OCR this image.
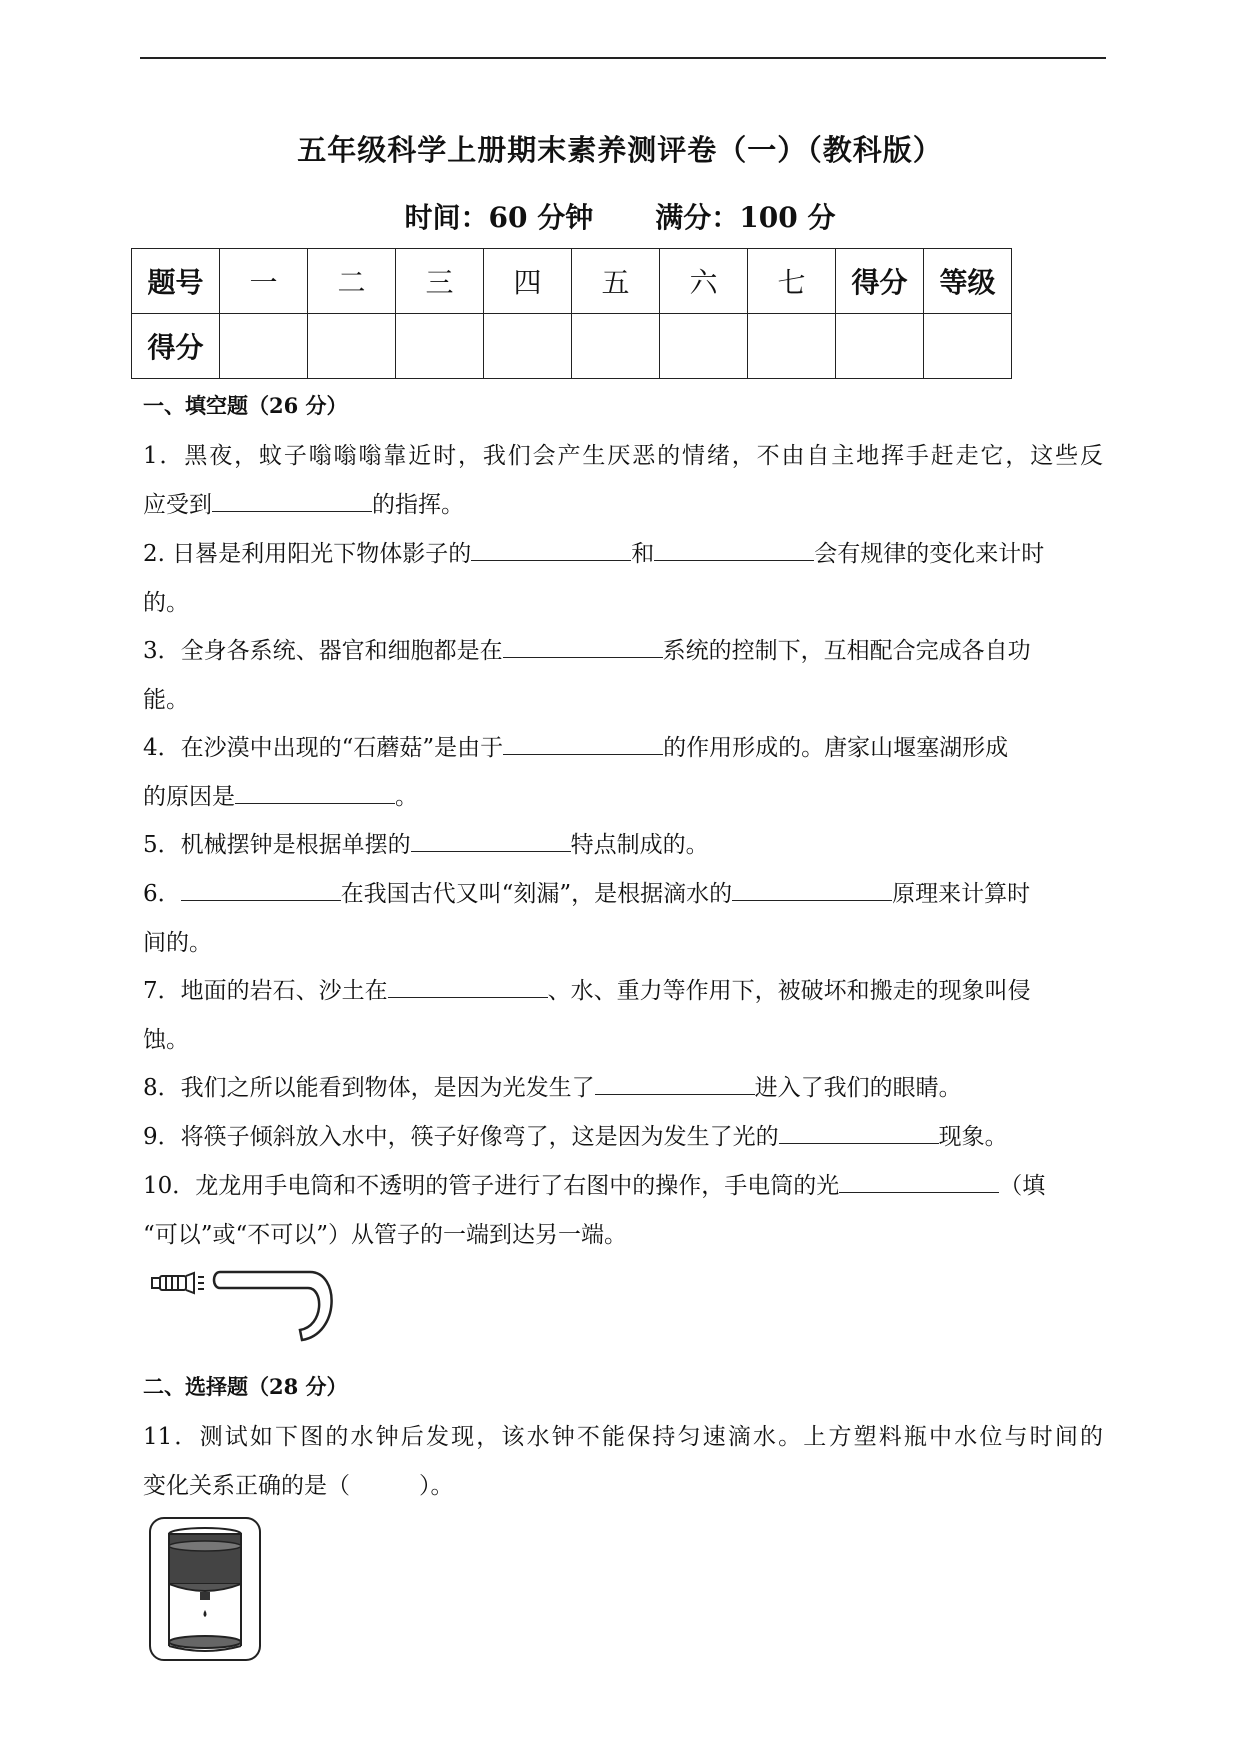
五年级科学上册期末素养测评卷（一）（教科版）
时间：60 分钟 满分：100 分
题号	一	二	三	四	五	六	七	得分	等级
得分									
一、填空题（26 分）
1．黑夜，蚊子嗡嗡嗡靠近时，我们会产生厌恶的情绪，不由自主地挥手赶走它，这些反
应受到	的指挥。
2. 日晷是利用阳光下物体影子的	和	会有规律的变化来计时
的。
3．全身各系统、器官和细胞都是在	系统的控制下，互相配合完成各自功
能。
4．在沙漠中出现的“石蘑菇”是由于	的作用形成的。唐家山堰塞湖形成
的原因是	。
5．机械摆钟是根据单摆的	特点制成的。
6．	在我国古代又叫“刻漏”，是根据滴水的	原理来计算时
间的。
7．地面的岩石、沙土在	、水、重力等作用下，被破坏和搬走的现象叫侵
蚀。
8．我们之所以能看到物体，是因为光发生了	进入了我们的眼睛。
9．将筷子倾斜放入水中，筷子好像弯了，这是因为发生了光的	现象。
10．龙龙用手电筒和不透明的管子进行了右图中的操作，手电筒的光	（填
“可以”或“不可以”）从管子的一端到达另一端。
二、选择题（28 分）
11．测试如下图的水钟后发现，该水钟不能保持匀速滴水。上方塑料瓶中水位与时间的
变化关系正确的是（　　　）。
